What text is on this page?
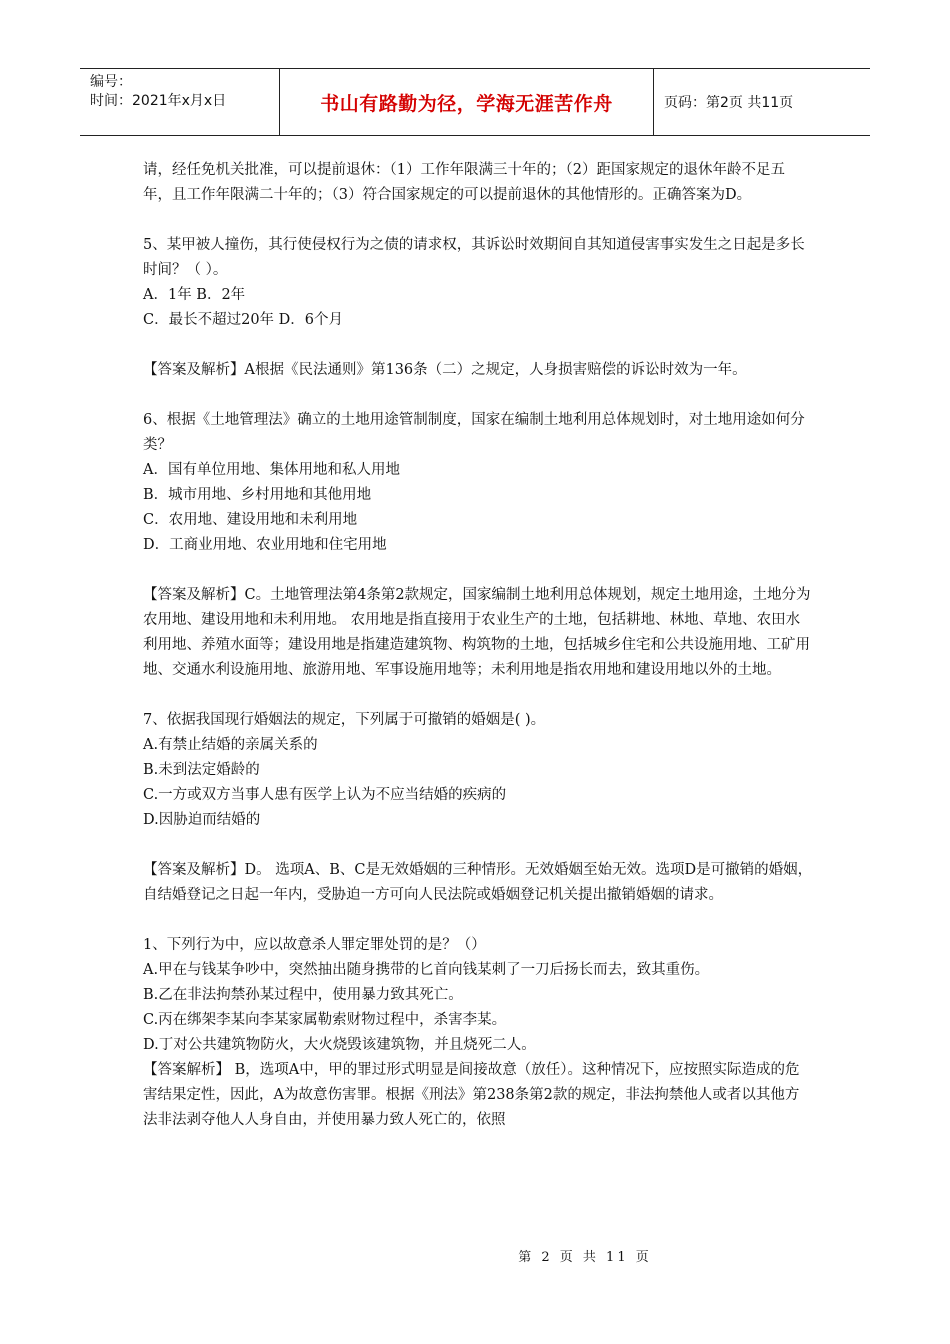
编号：
时间：2021年x月x日	书山有路勤为径，学海无涯苦作舟	页码：第2页 共11页

请，经任免机关批准，可以提前退休：（1）工作年限满三十年的；（2）距国家规定的退休年龄不足五年，且工作年限满二十年的；（3）符合国家规定的可以提前退休的其他情形的。正确答案为D。

5、某甲被人撞伤，其行使侵权行为之债的请求权，其诉讼时效期间自其知道侵害事实发生之日起是多长时间？（ ）。

A．1年 B．2年

C．最长不超过20年 D．6个月

【答案及解析】A根据《民法通则》第136条（二）之规定，人身损害赔偿的诉讼时效为一年。

6、根据《土地管理法》确立的土地用途管制制度，国家在编制土地利用总体规划时，对土地用途如何分类？

A．国有单位用地、集体用地和私人用地

B．城市用地、乡村用地和其他用地

C．农用地、建设用地和未利用地

D．工商业用地、农业用地和住宅用地

【答案及解析】C。土地管理法第4条第2款规定，国家编制土地利用总体规划，规定土地用途，土地分为农用地、建设用地和未利用地。 农用地是指直接用于农业生产的土地，包括耕地、林地、草地、农田水利用地、养殖水面等；建设用地是指建造建筑物、构筑物的土地，包括城乡住宅和公共设施用地、工矿用地、交通水利设施用地、旅游用地、军事设施用地等；未利用地是指农用地和建设用地以外的土地。

7、依据我国现行婚姻法的规定，下列属于可撤销的婚姻是( )。

A.有禁止结婚的亲属关系的

B.未到法定婚龄的

C.一方或双方当事人患有医学上认为不应当结婚的疾病的

D.因胁迫而结婚的

【答案及解析】D。 选项A、B、C是无效婚姻的三种情形。无效婚姻至始无效。选项D是可撤销的婚姻，自结婚登记之日起一年内，受胁迫一方可向人民法院或婚姻登记机关提出撤销婚姻的请求。

1、下列行为中，应以故意杀人罪定罪处罚的是？（）

A.甲在与钱某争吵中，突然抽出随身携带的匕首向钱某刺了一刀后扬长而去，致其重伤。

B.乙在非法拘禁孙某过程中，使用暴力致其死亡。

C.丙在绑架李某向李某家属勒索财物过程中，杀害李某。

D.丁对公共建筑物防火，大火烧毁该建筑物，并且烧死二人。

【答案解析】 B，选项A中，甲的罪过形式明显是间接故意（放任）。这种情况下，应按照实际造成的危害结果定性，因此，A为故意伤害罪。根据《刑法》第238条第2款的规定，非法拘禁他人或者以其他方法非法剥夺他人人身自由，并使用暴力致人死亡的，依照

第 2 页 共 11 页
